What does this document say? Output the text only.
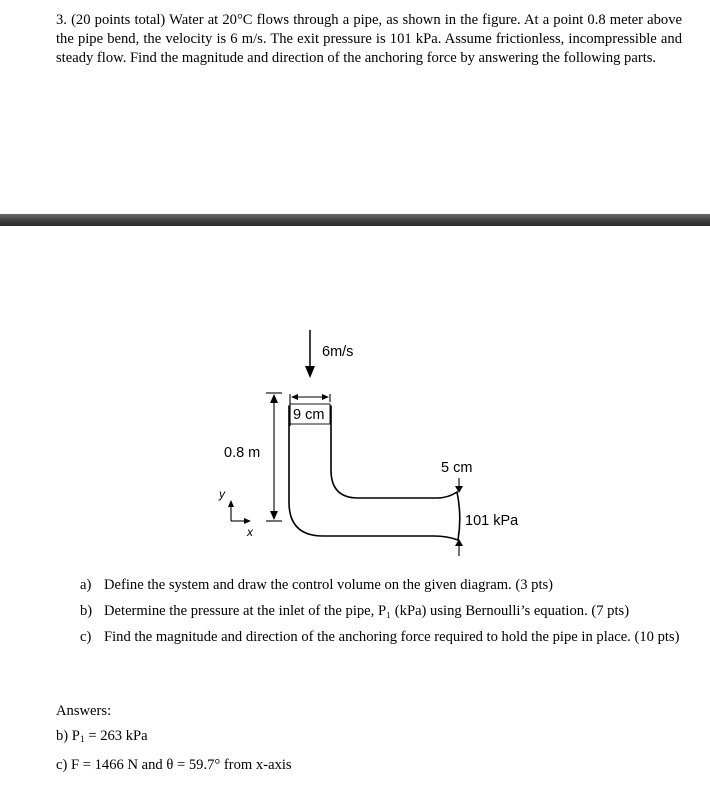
3. (20 points total) Water at 20°C flows through a pipe, as shown in the figure. At a point 0.8 meter above the pipe bend, the velocity is 6 m/s. The exit pressure is 101 kPa. Assume frictionless, incompressible and steady flow. Find the magnitude and direction of the anchoring force by answering the following parts.
6m/s
9 cm
0.8 m
5 cm
101 kPa
y
x
a) Define the system and draw the control volume on the given diagram. (3 pts)
b) Determine the pressure at the inlet of the pipe, P₁ (kPa) using Bernoulli’s equation. (7 pts)
c) Find the magnitude and direction of the anchoring force required to hold the pipe in place. (10 pts)
Answers:
b) $P_1 = 263$ kPa
c) F = 1466 N and θ = 59.7° from x-axis
